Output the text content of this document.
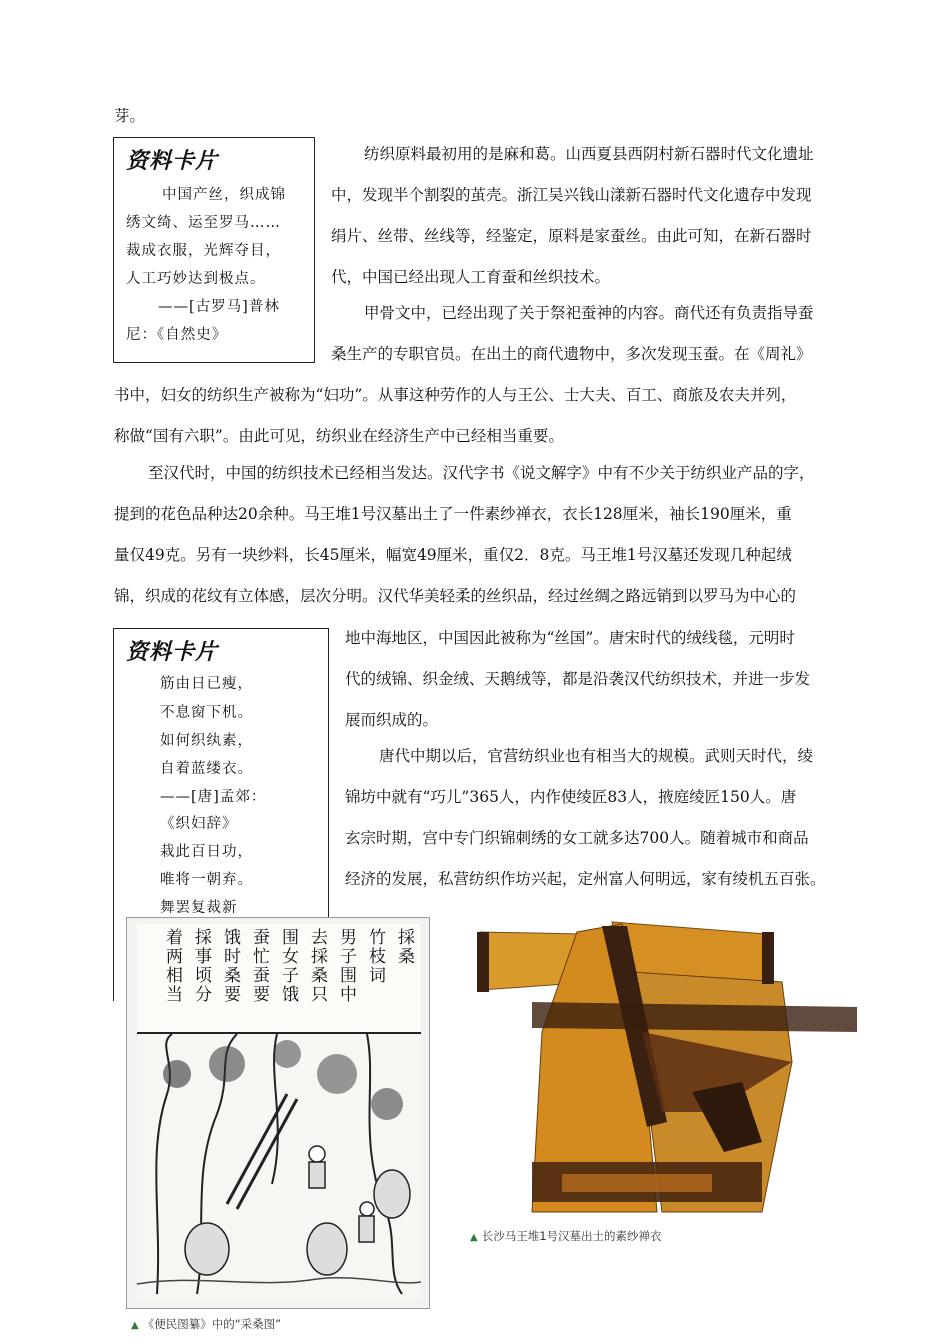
芽。
资料卡片
中国产丝，织成锦
绣文绮、运至罗马……
裁成衣服，光辉夺目，
人工巧妙达到极点。
——[古罗马]普林
尼：《自然史》
纺织原料最初用的是麻和葛。山西夏县西阴村新石器时代文化遗址
中，发现半个割裂的茧壳。浙江吴兴钱山漾新石器时代文化遗存中发现
绢片、丝带、丝线等，经鉴定，原料是家蚕丝。由此可知，在新石器时
代，中国已经出现人工育蚕和丝织技术。
甲骨文中，已经出现了关于祭祀蚕神的内容。商代还有负责指导蚕
桑生产的专职官员。在出土的商代遗物中，多次发现玉蚕。在《周礼》
书中，妇女的纺织生产被称为“妇功”。从事这种劳作的人与王公、士大夫、百工、商旅及农夫并列，
称做“国有六职”。由此可见，纺织业在经济生产中已经相当重要。
至汉代时，中国的纺织技术已经相当发达。汉代字书《说文解字》中有不少关于纺织业产品的字，
提到的花色品种达20余种。马王堆1号汉墓出土了一件素纱禅衣，衣长128厘米，袖长190厘米，重
量仅49克。另有一块纱料，长45厘米，幅宽49厘米，重仅2．8克。马王堆1号汉墓还发现几种起绒
锦，织成的花纹有立体感，层次分明。汉代华美轻柔的丝织品，经过丝绸之路远销到以罗马为中心的
地中海地区，中国因此被称为“丝国”。唐宋时代的绒线毯，元明时
代的绒锦、织金绒、天鹅绒等，都是沿袭汉代纺织技术，并进一步发
展而织成的。
资料卡片
筋由日已瘦，
不息窗下机。
如何织纨素，
自着蓝缕衣。
——[唐]孟郊：
《织妇辞》
栽此百日功，
唯将一朝弃。
舞罢复裁新
唐代中期以后，官营纺织业也有相当大的规模。武则天时代，绫
锦坊中就有“巧儿”365人，内作使绫匠83人，掖庭绫匠150人。唐
玄宗时期，宫中专门织锦刺绣的女工就多达700人。随着城市和商品
经济的发展，私营纺织作坊兴起，定州富人何明远，家有绫机五百张。
採桑
竹枝词
男子围中
去採桑只
围女子饿
蚕忙蚕要
饿时桑要
採事顷分
着两相当
▲ 《便民图纂》中的“采桑图”
▲ 长沙马王堆1号汉墓出土的素纱禅衣
